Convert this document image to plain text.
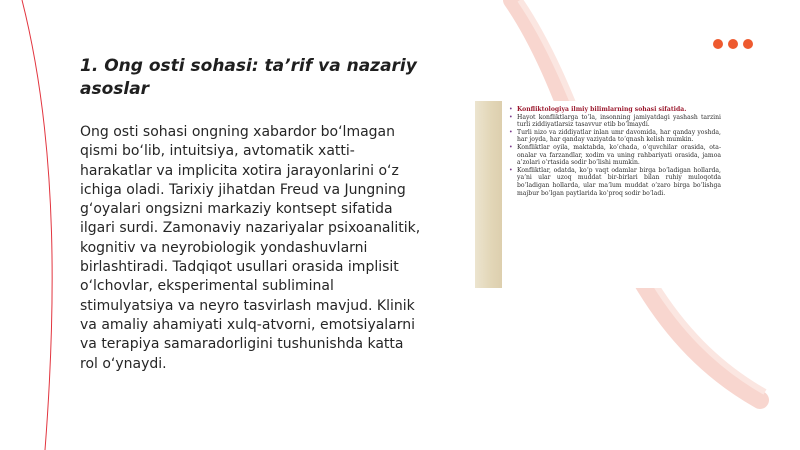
1. Ong osti sohasi: ta’rif va nazariy asoslar

Ong osti sohasi ongning xabardor bo‘lmagan qismi bo‘lib, intuitsiya, avtomatik xatti-harakatlar va implicita xotira jarayonlarini o‘z ichiga oladi. Tarixiy jihatdan Freud va Jungning g‘oyalari ongsizni markaziy kontsept sifatida ilgari surdi. Zamonaviy nazariyalar psixoanalitik, kognitiv va neyrobiologik yondashuvlarni birlashtiradi. Tadqiqot usullari orasida implisit o‘lchovlar, eksperimental subliminal stimulyatsiya va neyro tasvirlash mavjud. Klinik va amaliy ahamiyati xulq-atvorni, emotsiyalarni va terapiya samaradorligini tushunishda katta rol o‘ynaydi.

• Konfliktologiya ilmiy bilimlarning sohasi sifatida.
• Hayot konfliktlarga to‘la, insonning jamiyatdagi yashash tarzini turli ziddiyatlarsiz tasavvur etib bo‘lmaydi.
• Turli nizo va ziddiyatlar inlan umr davomida, har qanday yoshda, har joyda, har qanday vaziyatda to‘qnash kelish mumkin.
• Konfliktlar oyila, maktabda, ko‘chada, o‘quvchilar orasida, ota- onalar va farzandlar, xodim va uning rahbariyati orasida, jamoa a’zolari o‘rtasida sodir bo‘lishi mumkin.
• Konfliktlar, odatda, ko‘p vaqt odamlar birga bo‘ladigan hollarda, ya’ni ular uzoq muddat bir-birlari bilan ruhiy muloqotda bo‘ladigan hollarda, ular ma’lum muddat o‘zaro birga bo‘lishga majbur bo‘lgan paytlarida ko‘proq sodir bo‘ladi.
